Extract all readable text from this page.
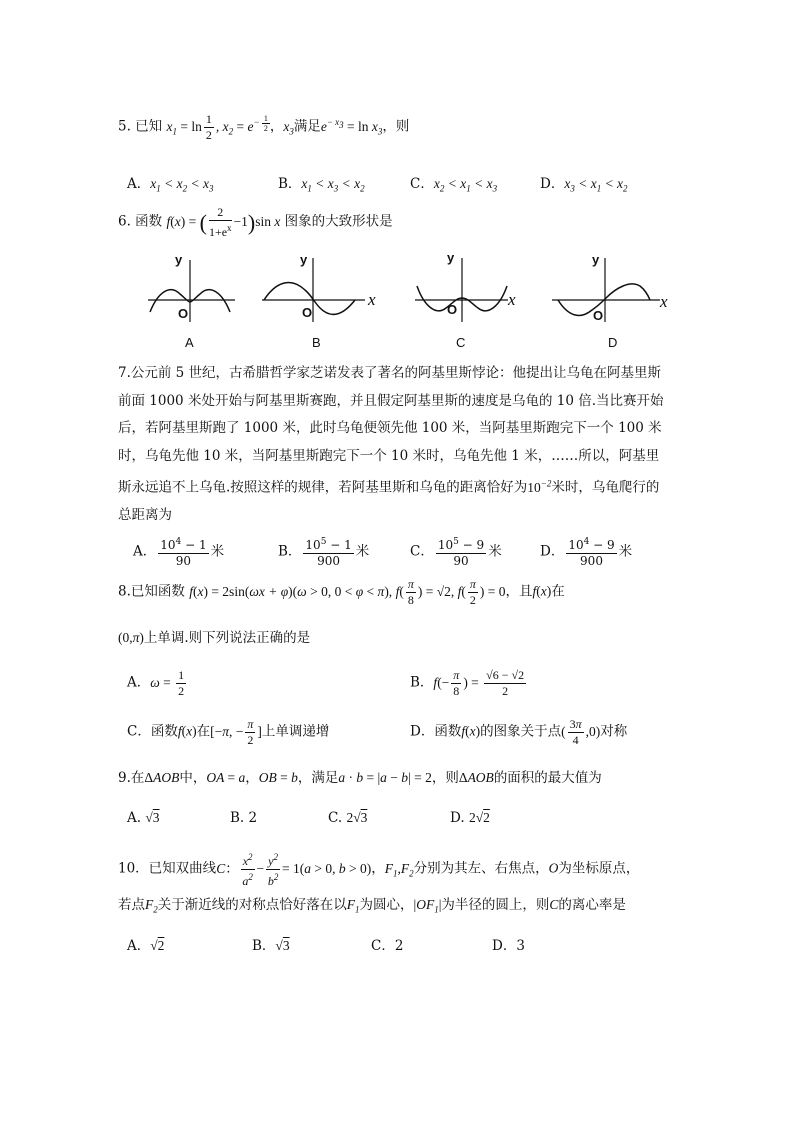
5. 已知 $x_1 = \ln \frac{1}{2}$ , $x_2 = e^{- \frac{1}{2}}$ ，$x_3$满足$e^{- x_3} = \ln x_3$，则
A．$x_1 < x_2 < x_3$	B．$x_1 < x_3 < x_2$	C．$x_2 < x_1 < x_3$	D．$x_3 < x_1 < x_2$
6. 函数 f(x) = ( $\frac{2}{1+e^x} -1)\sin$ x 图象的大致形状是
y
O
y
O
x
y
O
x
y
O
x
A	B	C	D
7.公元前 5 世纪，古希腊哲学家芝诺发表了著名的阿基里斯悖论：他提出让乌龟在阿基里斯前面 1000 米处开始与阿基里斯赛跑，并且假定阿基里斯的速度是乌龟的 10 倍.当比赛开始后，若阿基里斯跑了 1000 米，此时乌龟便领先他 100 米，当阿基里斯跑完下一个 100 米时，乌龟先他 10 米，当阿基里斯跑完下一个 10 米时，乌龟先他 1 米，……所以，阿基里斯永远追不上乌龟.按照这样的规律，若阿基里斯和乌龟的距离恰好为$10^{-2}$米时，乌龟爬行的总距离为
A． $\frac{10^4 - 1}{90}$ 米	B． $\frac{10^5 - 1}{900}$ 米	C． $\frac{10^5 - 9}{90}$ 米	D． $\frac{10^4 - 9}{900}$ 米
8.已知函数 f(x) = 2sin(ωx + φ)(ω > 0, 0 < φ < π), $f( \frac{\pi}{8}$ ) = √2, $f( \frac{\pi}{2}$ ) = 0，且f(x)在
(0,π)上单调.则下列说法正确的是
A．$\omega = \frac{1}{2}$	B．$f(- \frac{\pi}{8}$ ) = $\frac{√6 - √2}{2}$
C．函数f(x)在[−π, − $\frac{\pi}{2}$ ]上单调递增	D．函数f(x)的图象关于点( $\frac{3\pi}{4} ,0$)对称
9.在ΔAOB中，OA = a，OB = b，满足a · b = |a − b| = 2，则ΔAOB的面积的最大值为
A. √3	B. 2	C. 2√3	D. 2√2
10．已知双曲线C： $\frac{x^2}{a^2} - \frac{y^2}{b^2} = 1(a > 0$, b > 0)，$F_1,F_2$分别为其左、右焦点，O为坐标原点，
若点$F_2$关于渐近线的对称点恰好落在以$F_1$为圆心，$|OF_1|$为半径的圆上，则C的离心率是
A．√2	B．√3	C．2	D．3
